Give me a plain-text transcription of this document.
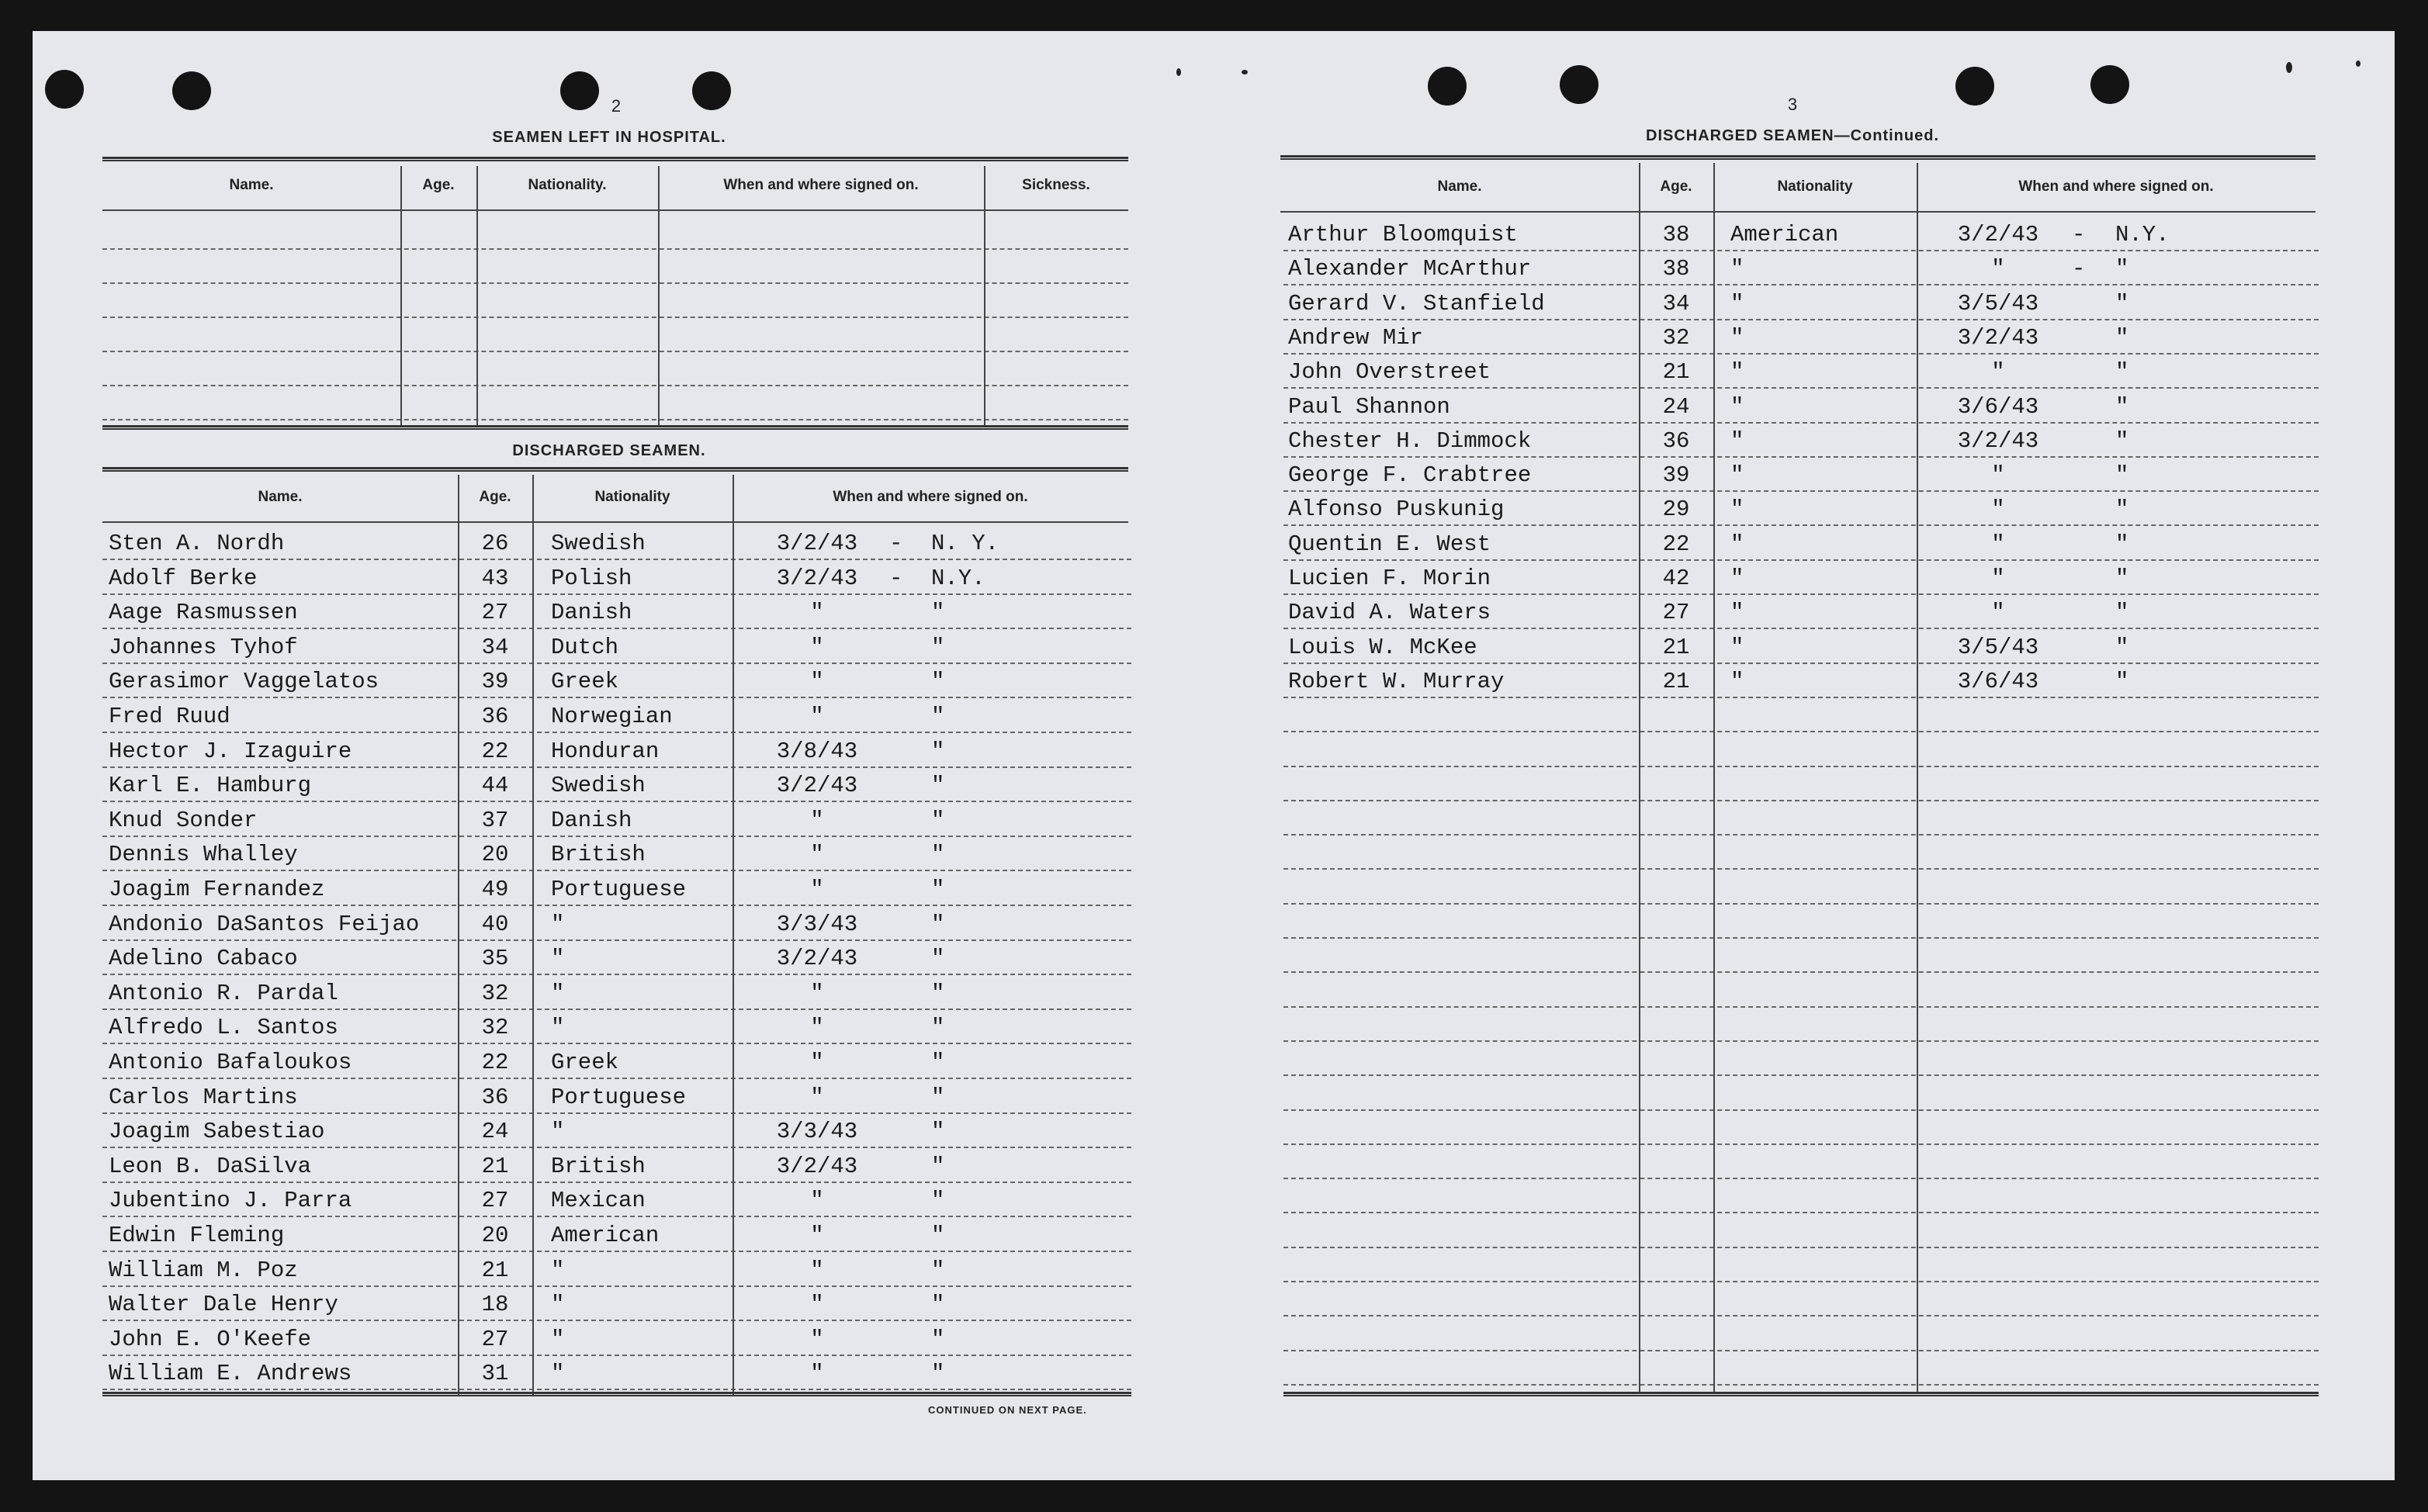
2
SEAMEN LEFT IN HOSPITAL.
Name.	Age.	Nationality.	When and where signed on.	Sickness.
DISCHARGED SEAMEN.
Name.	Age.	Nationality	When and where signed on.
Sten A. Nordh	26	Swedish	3/2/43 - N. Y.
Adolf Berke	43	Polish	3/2/43 - N.Y.
Aage Rasmussen	27	Danish	"	"
Johannes Tyhof	34	Dutch	"	"
Gerasimor Vaggelatos	39	Greek	"	"
Fred Ruud	36	Norwegian	"	"
Hector J. Izaguire	22	Honduran	3/8/43	"
Karl E. Hamburg	44	Swedish	3/2/43	"
Knud Sonder	37	Danish	"	"
Dennis Whalley	20	British	"	"
Joagim Fernandez	49	Portuguese	"	"
Andonio DaSantos Feijao	40	"	3/3/43	"
Adelino Cabaco	35	"	3/2/43	"
Antonio R. Pardal	32	"	"	"
Alfredo L. Santos	32	"	"	"
Antonio Bafaloukos	22	Greek	"	"
Carlos Martins	36	Portuguese	"	"
Joagim Sabestiao	24	"	3/3/43	"
Leon B. DaSilva	21	British	3/2/43	"
Jubentino J. Parra	27	Mexican	"	"
Edwin Fleming	20	American	"	"
William M. Poz	21	"	"	"
Walter Dale Henry	18	"	"	"
John E. O'Keefe	27	"	"	"
William E. Andrews	31	"	"	"
CONTINUED ON NEXT PAGE.
3
DISCHARGED SEAMEN—Continued.
Name.	Age.	Nationality	When and where signed on.
Arthur Bloomquist	38	American	3/2/43 - N.Y.
Alexander McArthur	38	"	"	- "
Gerard V. Stanfield	34	"	3/5/43	"
Andrew Mir	32	"	3/2/43	"
John Overstreet	21	"	"	"
Paul Shannon	24	"	3/6/43	"
Chester H. Dimmock	36	"	3/2/43	"
George F. Crabtree	39	"	"	"
Alfonso Puskunig	29	"	"	"
Quentin E. West	22	"	"	"
Lucien F. Morin	42	"	"	"
David A. Waters	27	"	"	"
Louis W. McKee	21	"	3/5/43	"
Robert W. Murray	21	"	3/6/43	"
